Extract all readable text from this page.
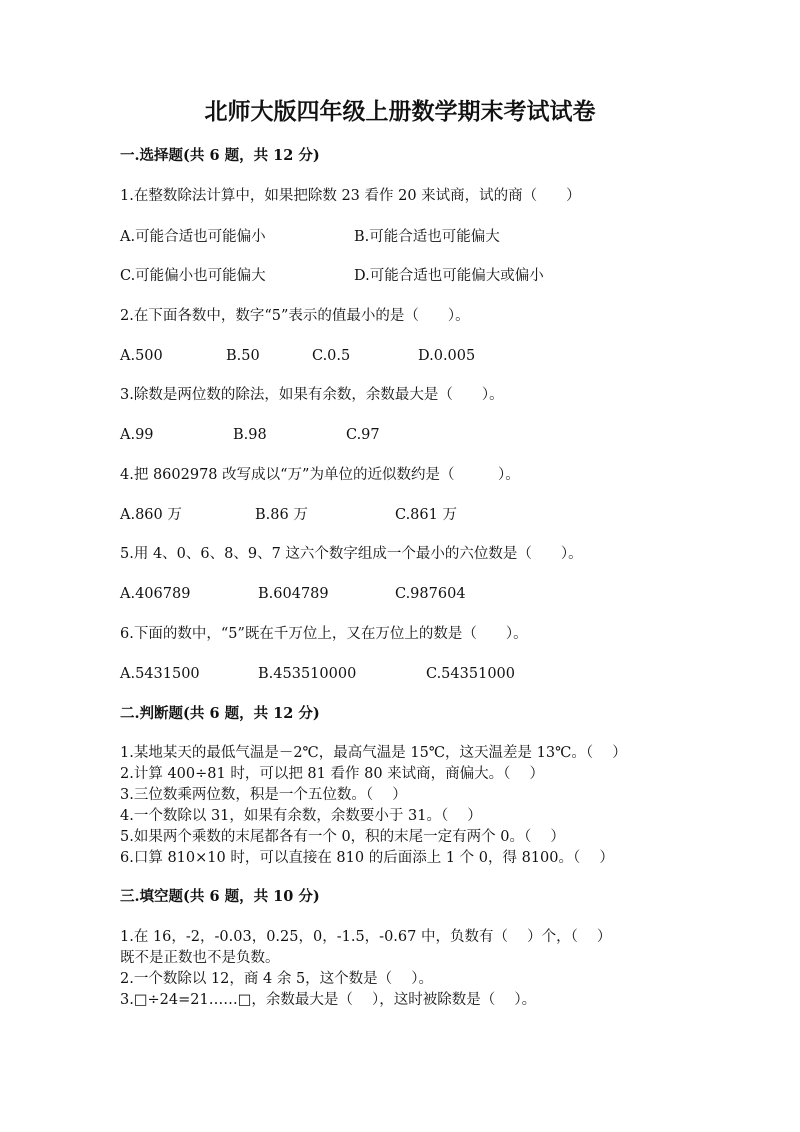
北师大版四年级上册数学期末考试试卷
一.选择题(共 6 题，共 12 分)
1.在整数除法计算中，如果把除数 23 看作 20 来试商，试的商（　　）
A.可能合适也可能偏小	B.可能合适也可能偏大
C.可能偏小也可能偏大	D.可能合适也可能偏大或偏小
2.在下面各数中，数字“5”表示的值最小的是（　　）。
A.500	B.50	C.0.5	D.0.005
3.除数是两位数的除法，如果有余数，余数最大是（　　）。
A.99	B.98	C.97
4.把 8602978 改写成以“万”为单位的近似数约是（　　　）。
A.860 万	B.86 万	C.861 万
5.用 4、0、6、8、9、7 这六个数字组成一个最小的六位数是（　　）。
A.406789	B.604789	C.987604
6.下面的数中，“5”既在千万位上，又在万位上的数是（　　）。
A.5431500	B.453510000	C.54351000
二.判断题(共 6 题，共 12 分)
1.某地某天的最低气温是－2℃，最高气温是 15℃，这天温差是 13℃。（　 ）
2.计算 400÷81 时，可以把 81 看作 80 来试商，商偏大。（　 ）
3.三位数乘两位数，积是一个五位数。（　 ）
4.一个数除以 31，如果有余数，余数要小于 31。（　 ）
5.如果两个乘数的末尾都各有一个 0，积的末尾一定有两个 0。（　 ）
6.口算 810×10 时，可以直接在 810 的后面添上 1 个 0，得 8100。（　 ）
三.填空题(共 6 题，共 10 分)
1.在 16，-2，-0.03，0.25，0，-1.5，-0.67 中，负数有（　 ）个，（　 ）
既不是正数也不是负数。
2.一个数除以 12，商 4 余 5，这个数是（　 ）。
3.□÷24=21……□，余数最大是（　 ），这时被除数是（　 ）。
